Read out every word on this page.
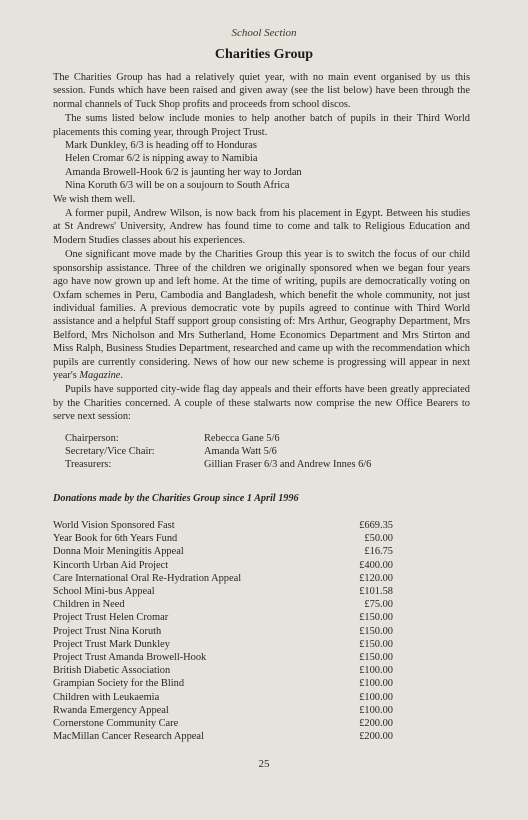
School Section
Charities Group

The Charities Group has had a relatively quiet year, with no main event organised by us this session. Funds which have been raised and given away (see the list below) have been through the normal channels of Tuck Shop profits and proceeds from school discos.

The sums listed below include monies to help another batch of pupils in their Third World placements this coming year, through Project Trust.

Mark Dunkley, 6/3 is heading off to Honduras
Helen Cromar 6/2 is nipping away to Namibia
Amanda Browell-Hook 6/2 is jaunting her way to Jordan
Nina Koruth 6/3 will be on a soujourn to South Africa

We wish them well.

A former pupil, Andrew Wilson, is now back from his placement in Egypt. Between his studies at St Andrews' University, Andrew has found time to come and talk to Religious Education and Modern Studies classes about his experiences.

One significant move made by the Charities Group this year is to switch the focus of our child sponsorship assistance. Three of the children we originally sponsored when we began four years ago have now grown up and left home. At the time of writing, pupils are democratically voting on Oxfam schemes in Peru, Cambodia and Bangladesh, which benefit the whole community, not just individual families. A previous democratic vote by pupils agreed to continue with Third World assistance and a helpful Staff support group consisting of: Mrs Arthur, Geography Department, Mrs Belford, Mrs Nicholson and Mrs Sutherland, Home Economics Department and Mrs Stirton and Miss Ralph, Business Studies Department, researched and came up with the recommendation which pupils are currently considering. News of how our new scheme is progressing will appear in next year's Magazine.

Pupils have supported city-wide flag day appeals and their efforts have been greatly appreciated by the Charities concerned. A couple of these stalwarts now comprise the new Office Bearers to serve next session:

Chairperson:	Rebecca Gane 5/6
Secretary/Vice Chair:	Amanda Watt 5/6
Treasurers:	Gillian Fraser 6/3 and Andrew Innes 6/6
Donations made by the Charities Group since 1 April 1996
World Vision Sponsored Fast	£669.35
Year Book for 6th Years Fund	£50.00
Donna Moir Meningitis Appeal	£16.75
Kincorth Urban Aid Project	£400.00
Care International Oral Re-Hydration Appeal	£120.00
School Mini-bus Appeal	£101.58
Children in Need	£75.00
Project Trust Helen Cromar	£150.00
Project Trust Nina Koruth	£150.00
Project Trust Mark Dunkley	£150.00
Project Trust Amanda Browell-Hook	£150.00
British Diabetic Association	£100.00
Grampian Society for the Blind	£100.00
Children with Leukaemia	£100.00
Rwanda Emergency Appeal	£100.00
Cornerstone Community Care	£200.00
MacMillan Cancer Research Appeal	£200.00
25
